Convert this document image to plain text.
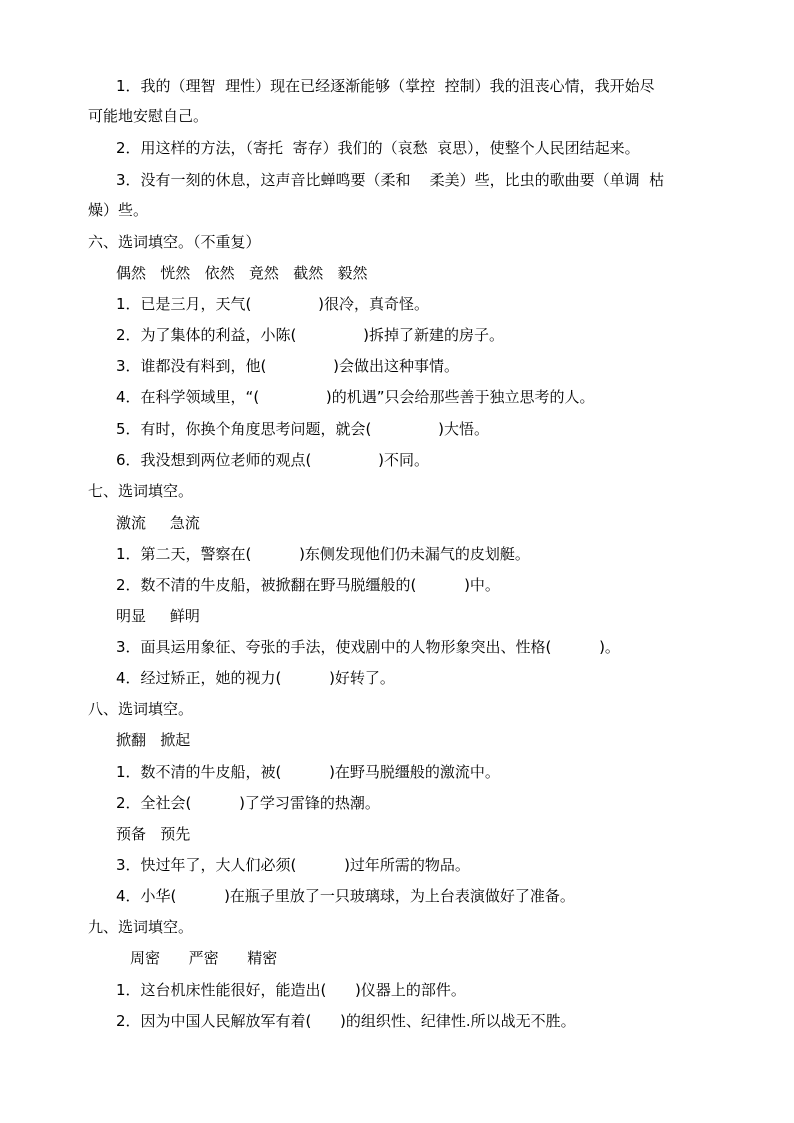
1．我的（理智  理性）现在已经逐渐能够（掌控  控制）我的沮丧心情，我开始尽
可能地安慰自己。
2．用这样的方法，（寄托  寄存）我们的（哀愁  哀思），使整个人民团结起来。
3．没有一刻的休息，这声音比蝉鸣要（柔和    柔美）些，比虫的歌曲要（单调  枯
燥）些。
六、选词填空。（不重复）
偶然   恍然   依然   竟然   截然   毅然
1．已是三月，天气(              )很冷，真奇怪。
2．为了集体的利益，小陈(              )拆掉了新建的房子。
3．谁都没有料到，他(              )会做出这种事情。
4．在科学领域里，“(              )的机遇”只会给那些善于独立思考的人。
5．有时，你换个角度思考问题，就会(              )大悟。
6．我没想到两位老师的观点(              )不同。
七、选词填空。
激流     急流
1．第二天，警察在(          )东侧发现他们仍未漏气的皮划艇。
2．数不清的牛皮船，被掀翻在野马脱缰般的(          )中。
明显     鲜明
3．面具运用象征、夸张的手法，使戏剧中的人物形象突出、性格(          )。
4．经过矫正，她的视力(          )好转了。
八、选词填空。
掀翻   掀起
1．数不清的牛皮船，被(          )在野马脱缰般的激流中。
2．全社会(          )了学习雷锋的热潮。
预备   预先
3．快过年了，大人们必须(          )过年所需的物品。
4．小华(          )在瓶子里放了一只玻璃球，为上台表演做好了准备。
九、选词填空。
周密      严密      精密
1．这台机床性能很好，能造出(      )仪器上的部件。
2．因为中国人民解放军有着(      )的组织性、纪律性.所以战无不胜。
